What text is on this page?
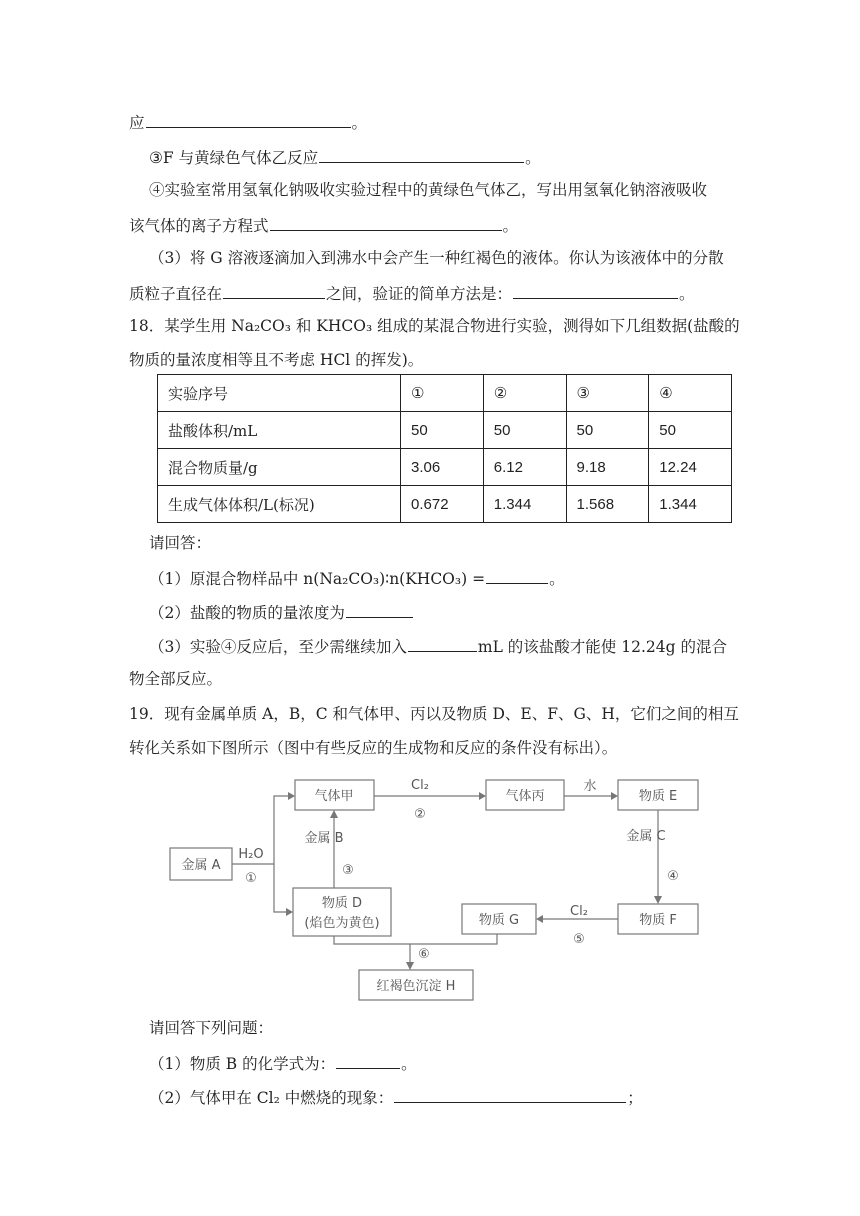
应	。
③F 与黄绿色气体乙反应	。
④实验室常用氢氧化钠吸收实验过程中的黄绿色气体乙，写出用氢氧化钠溶液吸收
该气体的离子方程式	。
（3）将 G 溶液逐滴加入到沸水中会产生一种红褐色的液体。你认为该液体中的分散
质粒子直径在	之间，验证的简单方法是：	。
18．某学生用 Na₂CO₃ 和 KHCO₃ 组成的某混合物进行实验，测得如下几组数据(盐酸的
物质的量浓度相等且不考虑 HCl 的挥发)。
实验序号	①	②	③	④
盐酸体积/mL	50	50	50	50
混合物质量/g	3.06	6.12	9.18	12.24
生成气体体积/L(标况)	0.672	1.344	1.568	1.344
请回答：
（1）原混合物样品中 n(Na₂CO₃)∶n(KHCO₃) =	。
（2）盐酸的物质的量浓度为
（3）实验④反应后，至少需继续加入	mL 的该盐酸才能使 12.24g 的混合
物全部反应。
19．现有金属单质 A，B，C 和气体甲、丙以及物质 D、E、F、G、H，它们之间的相互
转化关系如下图所示（图中有些反应的生成物和反应的条件没有标出）。
气体甲	气体丙	物质 E
金属 A
物质 D
(焰色为黄色)	物质 G	物质 F
红褐色沉淀 H
H₂O
①
Cl₂
②
水
金属 B
③
金属 C
④
Cl₂
⑤
⑥
请回答下列问题：
（1）物质 B 的化学式为：	。
（2）气体甲在 Cl₂ 中燃烧的现象：	；
